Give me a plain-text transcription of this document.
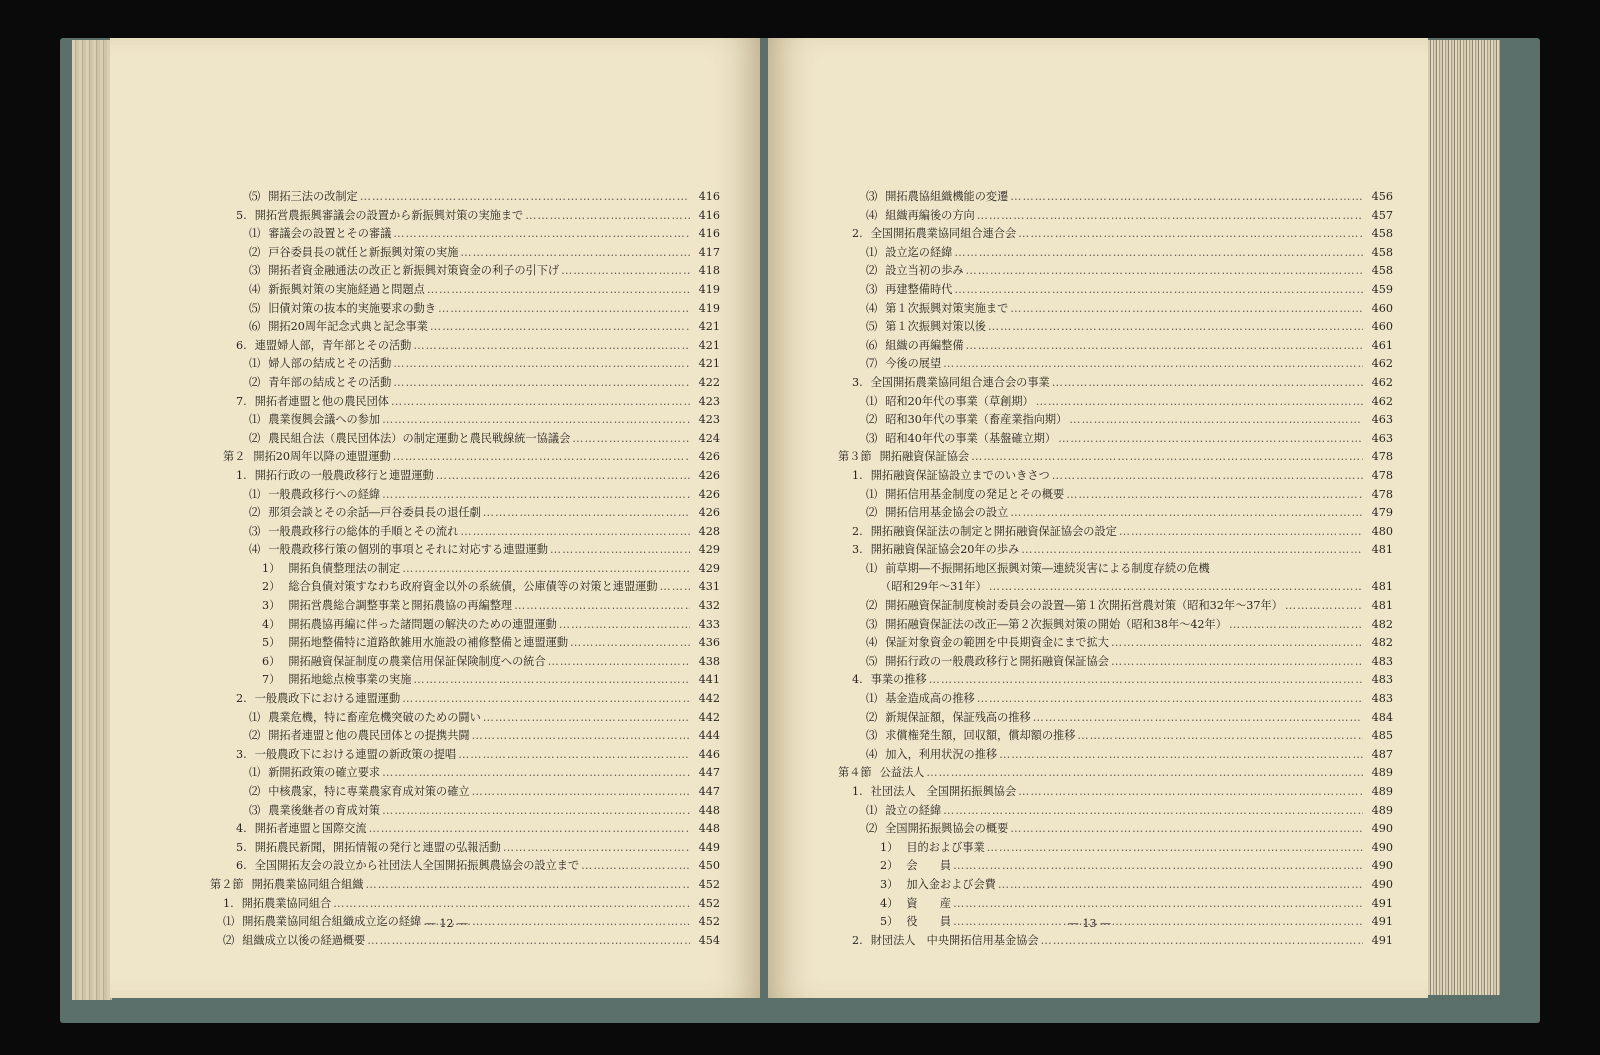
⑸ 開拓三法の改制定 ………………………………………………………………………………………………………………………………………………………………………………………	416
5. 開拓営農振興審議会の設置から新振興対策の実施まで ………………………………………………………………………………………………………………………………………………………………………………………	416
⑴ 審議会の設置とその審議 ………………………………………………………………………………………………………………………………………………………………………………………	416
⑵ 戸谷委員長の就任と新振興対策の実施 ………………………………………………………………………………………………………………………………………………………………………………………	417
⑶ 開拓者資金融通法の改正と新振興対策資金の利子の引下げ ………………………………………………………………………………………………………………………………………………………………………………………	418
⑷ 新振興対策の実施経過と問題点 ………………………………………………………………………………………………………………………………………………………………………………………	419
⑸ 旧債対策の抜本的実施要求の動き ………………………………………………………………………………………………………………………………………………………………………………………	419
⑹ 開拓20周年記念式典と記念事業 ………………………………………………………………………………………………………………………………………………………………………………………	421
6. 連盟婦人部，青年部とその活動 ………………………………………………………………………………………………………………………………………………………………………………………	421
⑴ 婦人部の結成とその活動 ………………………………………………………………………………………………………………………………………………………………………………………	421
⑵ 青年部の結成とその活動 ………………………………………………………………………………………………………………………………………………………………………………………	422
7. 開拓者連盟と他の農民団体 ………………………………………………………………………………………………………………………………………………………………………………………	423
⑴ 農業復興会議への参加 ………………………………………………………………………………………………………………………………………………………………………………………	423
⑵ 農民組合法（農民団体法）の制定運動と農民戦線統一協議会 ………………………………………………………………………………………………………………………………………………………………………………………	424
第２ 開拓20周年以降の連盟運動 ………………………………………………………………………………………………………………………………………………………………………………………	426
1. 開拓行政の一般農政移行と連盟運動 ………………………………………………………………………………………………………………………………………………………………………………………	426
⑴ 一般農政移行への経緯 ………………………………………………………………………………………………………………………………………………………………………………………	426
⑵ 那須会談とその余話―戸谷委員長の退任劇 ………………………………………………………………………………………………………………………………………………………………………………………	426
⑶ 一般農政移行の総体的手順とその流れ ………………………………………………………………………………………………………………………………………………………………………………………	428
⑷ 一般農政移行策の個別的事項とそれに対応する連盟運動 ………………………………………………………………………………………………………………………………………………………………………………………	429
1） 開拓負債整理法の制定 ………………………………………………………………………………………………………………………………………………………………………………………	429
2） 総合負債対策すなわち政府資金以外の系統債，公庫債等の対策と連盟運動 ………………………………………………………………………………………………………………………………………………………………………………………	431
3） 開拓営農総合調整事業と開拓農協の再編整理 ………………………………………………………………………………………………………………………………………………………………………………………	432
4） 開拓農協再編に伴った諸問題の解決のための連盟運動 ………………………………………………………………………………………………………………………………………………………………………………………	433
5） 開拓地整備特に道路飲雑用水施設の補修整備と連盟運動 ………………………………………………………………………………………………………………………………………………………………………………………	436
6） 開拓融資保証制度の農業信用保証保険制度への統合 ………………………………………………………………………………………………………………………………………………………………………………………	438
7） 開拓地総点検事業の実施 ………………………………………………………………………………………………………………………………………………………………………………………	441
2. 一般農政下における連盟運動 ………………………………………………………………………………………………………………………………………………………………………………………	442
⑴ 農業危機，特に畜産危機突破のための闘い ………………………………………………………………………………………………………………………………………………………………………………………	442
⑵ 開拓者連盟と他の農民団体との提携共闘 ………………………………………………………………………………………………………………………………………………………………………………………	444
3. 一般農政下における連盟の新政策の提唱 ………………………………………………………………………………………………………………………………………………………………………………………	446
⑴ 新開拓政策の確立要求 ………………………………………………………………………………………………………………………………………………………………………………………	447
⑵ 中核農家，特に専業農家育成対策の確立 ………………………………………………………………………………………………………………………………………………………………………………………	447
⑶ 農業後継者の育成対策 ………………………………………………………………………………………………………………………………………………………………………………………	448
4. 開拓者連盟と国際交流 ………………………………………………………………………………………………………………………………………………………………………………………	448
5. 開拓農民新聞，開拓情報の発行と連盟の弘報活動 ………………………………………………………………………………………………………………………………………………………………………………………	449
6. 全国開拓友会の設立から社団法人全国開拓振興農協会の設立まで ………………………………………………………………………………………………………………………………………………………………………………………	450
第２節 開拓農業協同組合組織 ………………………………………………………………………………………………………………………………………………………………………………………	452
1. 開拓農業協同組合 ………………………………………………………………………………………………………………………………………………………………………………………	452
⑴ 開拓農業協同組合組織成立迄の経緯 ………………………………………………………………………………………………………………………………………………………………………………………	452
⑵ 組織成立以後の経過概要 ………………………………………………………………………………………………………………………………………………………………………………………	454
— 12 —
⑶ 開拓農協組織機能の変遷 ………………………………………………………………………………………………………………………………………………………………………………………	456
⑷ 組織再編後の方向 ………………………………………………………………………………………………………………………………………………………………………………………	457
2. 全国開拓農業協同組合連合会 ………………………………………………………………………………………………………………………………………………………………………………………	458
⑴ 設立迄の経緯 ………………………………………………………………………………………………………………………………………………………………………………………	458
⑵ 設立当初の歩み ………………………………………………………………………………………………………………………………………………………………………………………	458
⑶ 再建整備時代 ………………………………………………………………………………………………………………………………………………………………………………………	459
⑷ 第１次振興対策実施まで ………………………………………………………………………………………………………………………………………………………………………………………	460
⑸ 第１次振興対策以後 ………………………………………………………………………………………………………………………………………………………………………………………	460
⑹ 組織の再編整備 ………………………………………………………………………………………………………………………………………………………………………………………	461
⑺ 今後の展望 ………………………………………………………………………………………………………………………………………………………………………………………	462
3. 全国開拓農業協同組合連合会の事業 ………………………………………………………………………………………………………………………………………………………………………………………	462
⑴ 昭和20年代の事業（草創期） ………………………………………………………………………………………………………………………………………………………………………………………	462
⑵ 昭和30年代の事業（畜産業指向期） ………………………………………………………………………………………………………………………………………………………………………………………	463
⑶ 昭和40年代の事業（基盤確立期） ………………………………………………………………………………………………………………………………………………………………………………………	463
第３節 開拓融資保証協会 ………………………………………………………………………………………………………………………………………………………………………………………	478
1. 開拓融資保証協設立までのいきさつ ………………………………………………………………………………………………………………………………………………………………………………………	478
⑴ 開拓信用基金制度の発足とその概要 ………………………………………………………………………………………………………………………………………………………………………………………	478
⑵ 開拓信用基金協会の設立 ………………………………………………………………………………………………………………………………………………………………………………………	479
2. 開拓融資保証法の制定と開拓融資保証協会の設定 ………………………………………………………………………………………………………………………………………………………………………………………	480
3. 開拓融資保証協会20年の歩み ………………………………………………………………………………………………………………………………………………………………………………………	481
⑴ 前草期―不振開拓地区振興対策―連続災害による制度存続の危機
（昭和29年～31年） ………………………………………………………………………………………………………………………………………………………………………………………	481
⑵ 開拓融資保証制度検討委員会の設置―第１次開拓営農対策（昭和32年～37年） ………………………………………………………………………………………………………………………………………………………………………………………	481
⑶ 開拓融資保証法の改正―第２次振興対策の開始（昭和38年～42年） ………………………………………………………………………………………………………………………………………………………………………………………	482
⑷ 保証対象資金の範囲を中長期資金にまで拡大 ………………………………………………………………………………………………………………………………………………………………………………………	482
⑸ 開拓行政の一般農政移行と開拓融資保証協会 ………………………………………………………………………………………………………………………………………………………………………………………	483
4. 事業の推移 ………………………………………………………………………………………………………………………………………………………………………………………	483
⑴ 基金造成高の推移 ………………………………………………………………………………………………………………………………………………………………………………………	483
⑵ 新規保証額，保証残高の推移 ………………………………………………………………………………………………………………………………………………………………………………………	484
⑶ 求償権発生額，回収額，償却額の推移 ………………………………………………………………………………………………………………………………………………………………………………………	485
⑷ 加入，利用状況の推移 ………………………………………………………………………………………………………………………………………………………………………………………	487
第４節 公益法人 ………………………………………………………………………………………………………………………………………………………………………………………	489
1. 社団法人　全国開拓振興協会 ………………………………………………………………………………………………………………………………………………………………………………………	489
⑴ 設立の経緯 ………………………………………………………………………………………………………………………………………………………………………………………	489
⑵ 全国開拓振興協会の概要 ………………………………………………………………………………………………………………………………………………………………………………………	490
1） 目的および事業 ………………………………………………………………………………………………………………………………………………………………………………………	490
2） 会　　員 ………………………………………………………………………………………………………………………………………………………………………………………	490
3） 加入金および会費 ………………………………………………………………………………………………………………………………………………………………………………………	490
4） 資　　産 ………………………………………………………………………………………………………………………………………………………………………………………	491
5） 役　　員 ………………………………………………………………………………………………………………………………………………………………………………………	491
2. 財団法人　中央開拓信用基金協会 ………………………………………………………………………………………………………………………………………………………………………………………	491
— 13 —
